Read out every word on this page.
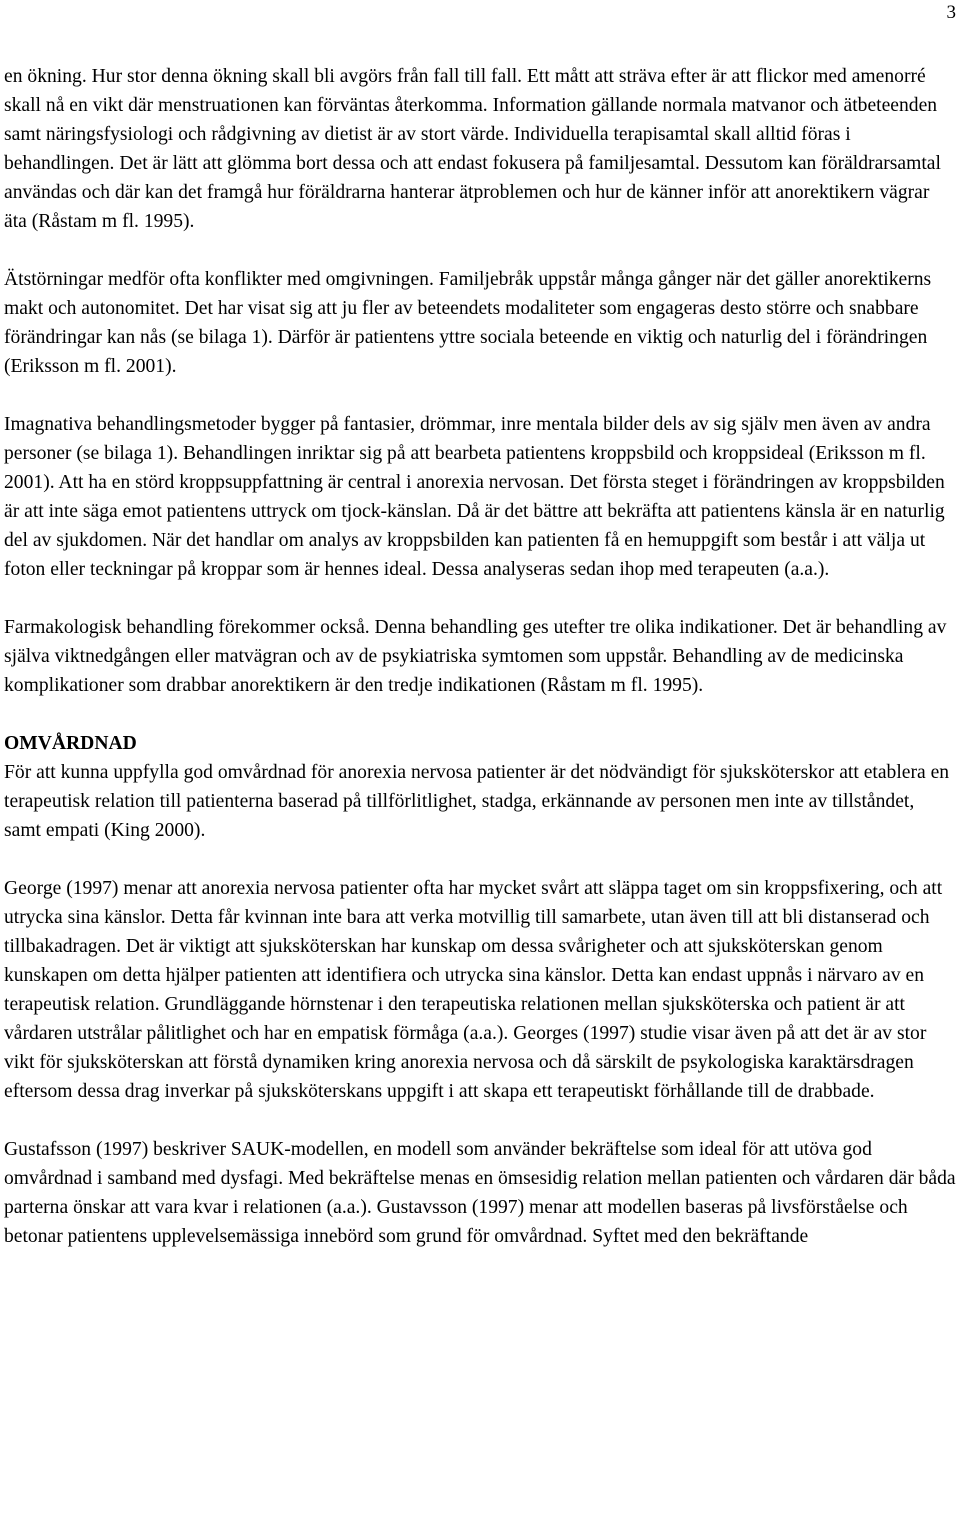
3

en ökning. Hur stor denna ökning skall bli avgörs från fall till fall. Ett mått att sträva efter är att flickor med amenorré skall nå en vikt där menstruationen kan förväntas återkomma. Information gällande normala matvanor och ätbeteenden samt näringsfysiologi och rådgivning av dietist är av stort värde. Individuella terapisamtal skall alltid föras i behandlingen. Det är lätt att glömma bort dessa och att endast fokusera på familjesamtal. Dessutom kan föräldrarsamtal användas och där kan det framgå hur föräldrarna hanterar ätproblemen och hur de känner inför att anorektikern vägrar äta (Råstam m fl. 1995).

Ätstörningar medför ofta konflikter med omgivningen. Familjebråk uppstår många gånger när det gäller anorektikerns makt och autonomitet. Det har visat sig att ju fler av beteendets modaliteter som engageras desto större och snabbare förändringar kan nås (se bilaga 1). Därför är patientens yttre sociala beteende en viktig och naturlig del i förändringen (Eriksson m fl. 2001).

Imagnativa behandlingsmetoder bygger på fantasier, drömmar, inre mentala bilder dels av sig själv men även av andra personer (se bilaga 1). Behandlingen inriktar sig på att bearbeta patientens kroppsbild och kroppsideal (Eriksson m fl. 2001). Att ha en störd kroppsuppfattning är central i anorexia nervosan. Det första steget i förändringen av kroppsbilden är att inte säga emot patientens uttryck om tjock-känslan. Då är det bättre att bekräfta att patientens känsla är en naturlig del av sjukdomen. När det handlar om analys av kroppsbilden kan patienten få en hemuppgift som består i att välja ut foton eller teckningar på kroppar som är hennes ideal. Dessa analyseras sedan ihop med terapeuten (a.a.).

Farmakologisk behandling förekommer också. Denna behandling ges utefter tre olika indikationer. Det är behandling av själva viktnedgången eller matvägran och av de psykiatriska symtomen som uppstår. Behandling av de medicinska komplikationer som drabbar anorektikern är den tredje indikationen (Råstam m fl. 1995).

OMVÅRDNAD

För att kunna uppfylla god omvårdnad för anorexia nervosa patienter är det nödvändigt för sjuksköterskor att etablera en terapeutisk relation till patienterna baserad på tillförlitlighet, stadga, erkännande av personen men inte av tillståndet, samt empati (King 2000).

George (1997) menar att anorexia nervosa patienter ofta har mycket svårt att släppa taget om sin kroppsfixering, och att utrycka sina känslor. Detta får kvinnan inte bara att verka motvillig till samarbete, utan även till att bli distanserad och tillbakadragen. Det är viktigt att sjuksköterskan har kunskap om dessa svårigheter och att sjuksköterskan genom kunskapen om detta hjälper patienten att identifiera och utrycka sina känslor. Detta kan endast uppnås i närvaro av en terapeutisk relation. Grundläggande hörnstenar i den terapeutiska relationen mellan sjuksköterska och patient är att vårdaren utstrålar pålitlighet och har en empatisk förmåga (a.a.). Georges (1997) studie visar även på att det är av stor vikt för sjuksköterskan att förstå dynamiken kring anorexia nervosa och då särskilt de psykologiska karaktärsdragen eftersom dessa drag inverkar på sjuksköterskans uppgift i att skapa ett terapeutiskt förhållande till de drabbade.

Gustafsson (1997) beskriver SAUK-modellen, en modell som använder bekräftelse som ideal för att utöva god omvårdnad i samband med dysfagi. Med bekräftelse menas en ömsesidig relation mellan patienten och vårdaren där båda parterna önskar att vara kvar i relationen (a.a.). Gustavsson (1997) menar att modellen baseras på livsförståelse och betonar patientens upplevelsemässiga innebörd som grund för omvårdnad. Syftet med den bekräftande
